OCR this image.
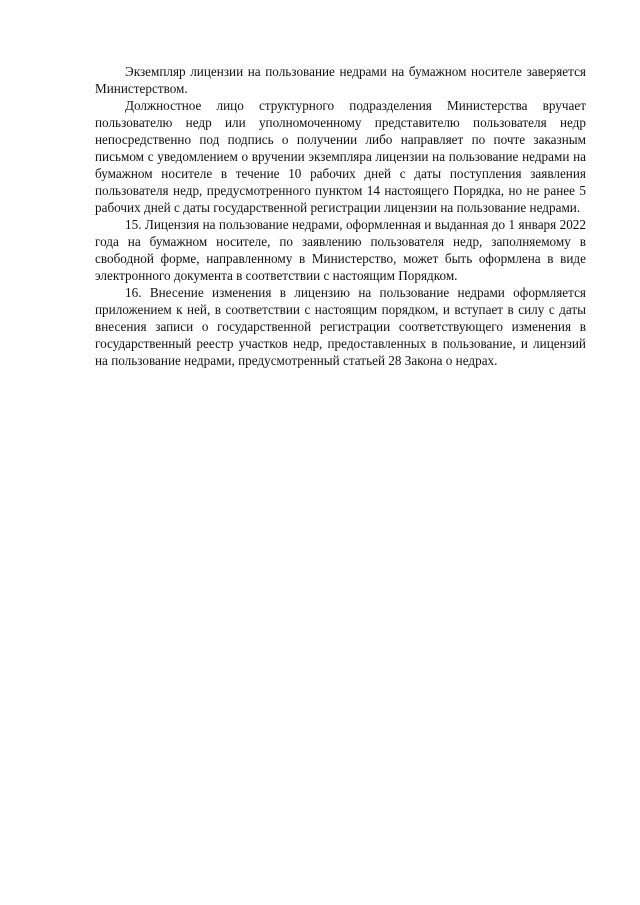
Экземпляр лицензии на пользование недрами на бумажном носителе заверяется Министерством.

Должностное лицо структурного подразделения Министерства вручает пользователю недр или уполномоченному представителю пользователя недр непосредственно под подпись о получении либо направляет по почте заказным письмом с уведомлением о вручении экземпляра лицензии на пользование недрами на бумажном носителе в течение 10 рабочих дней с даты поступления заявления пользователя недр, предусмотренного пунктом 14 настоящего Порядка, но не ранее 5 рабочих дней с даты государственной регистрации лицензии на пользование недрами.

15. Лицензия на пользование недрами, оформленная и выданная до 1 января 2022 года на бумажном носителе, по заявлению пользователя недр, заполняемому в свободной форме, направленному в Министерство, может быть оформлена в виде электронного документа в соответствии с настоящим Порядком.

16. Внесение изменения в лицензию на пользование недрами оформляется приложением к ней, в соответствии с настоящим порядком, и вступает в силу с даты внесения записи о государственной регистрации соответствующего изменения в государственный реестр участков недр, предоставленных в пользование, и лицензий на пользование недрами, предусмотренный статьей 28 Закона о недрах.
